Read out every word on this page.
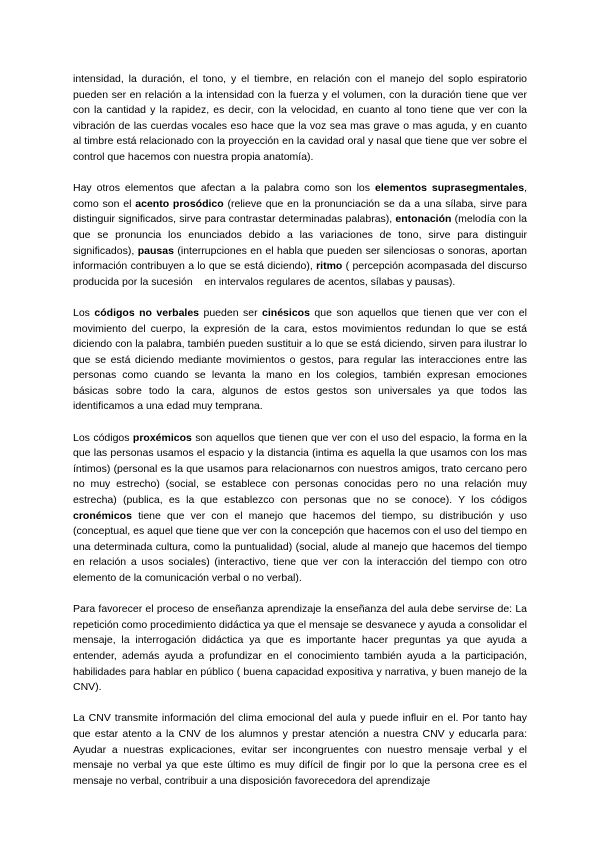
intensidad, la duración, el tono, y el tiembre, en relación con el manejo del soplo espiratorio pueden ser en relación a la intensidad con la fuerza y el volumen, con la duración tiene que ver con la cantidad y la rapidez, es decir, con la velocidad, en cuanto al tono tiene que ver con la vibración de las cuerdas vocales eso hace que la voz sea mas grave o mas aguda, y en cuanto al timbre está relacionado con la proyección en la cavidad oral y nasal que tiene que ver sobre el control que hacemos con nuestra propia anatomía).

Hay otros elementos que afectan a la palabra como son los elementos suprasegmentales, como son el acento prosódico (relieve que en la pronunciación se da a una sílaba, sirve para distinguir significados, sirve para contrastar determinadas palabras), entonación (melodía con la que se pronuncia los enunciados debido a las variaciones de tono, sirve para distinguir significados), pausas (interrupciones en el habla que pueden ser silenciosas o sonoras, aportan información contribuyen a lo que se está diciendo), ritmo ( percepción acompasada del discurso producida por la sucesión    en intervalos regulares de acentos, sílabas y pausas).

Los códigos no verbales pueden ser cinésicos que son aquellos que tienen que ver con el movimiento del cuerpo, la expresión de la cara, estos movimientos redundan lo que se está diciendo con la palabra, también pueden sustituir a lo que se está diciendo, sirven para ilustrar lo que se está diciendo mediante movimientos o gestos, para regular las interacciones entre las personas como cuando se levanta la mano en los colegios, también expresan emociones básicas sobre todo la cara, algunos de estos gestos son universales ya que todos las identificamos a una edad muy temprana.

Los códigos proxémicos son aquellos que tienen que ver con el uso del espacio, la forma en la que las personas usamos el espacio y la distancia (intima es aquella la que usamos con los mas íntimos) (personal es la que usamos para relacionarnos con nuestros amigos, trato cercano pero no muy estrecho) (social, se establece con personas conocidas pero no una relación muy estrecha) (publica, es la que establezco con personas que no se conoce). Y los códigos cronémicos tiene que ver con el manejo que hacemos del tiempo, su distribución y uso (conceptual, es aquel que tiene que ver con la concepción que hacemos con el uso del tiempo en una determinada cultura, como la puntualidad) (social, alude al manejo que hacemos del tiempo en relación a usos sociales) (interactivo, tiene que ver con la interacción del tiempo con otro elemento de la comunicación verbal o no verbal).

Para favorecer el proceso de enseñanza aprendizaje la enseñanza del aula debe servirse de: La repetición como procedimiento didáctica ya que el mensaje se desvanece y ayuda a consolidar el mensaje, la interrogación didáctica ya que es importante hacer preguntas ya que ayuda a entender, además ayuda a profundizar en el conocimiento también ayuda a la participación, habilidades para hablar en público ( buena capacidad expositiva y narrativa, y buen manejo de la CNV).

La CNV transmite información del clima emocional del aula y puede influir en el. Por tanto hay que estar atento a la CNV de los alumnos y prestar atención a nuestra CNV y educarla para: Ayudar a nuestras explicaciones, evitar ser incongruentes con nuestro mensaje verbal y el mensaje no verbal ya que este último es muy difícil de fingir por lo que la persona cree es el mensaje no verbal, contribuir a una disposición favorecedora del aprendizaje
